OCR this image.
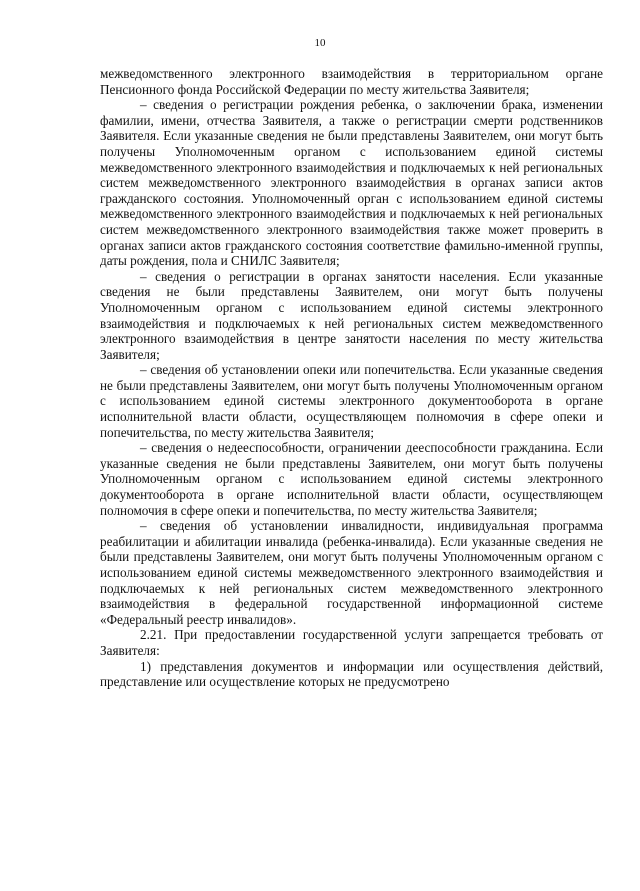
10

межведомственного электронного взаимодействия в территориальном органе Пенсионного фонда Российской Федерации по месту жительства Заявителя;

– сведения о регистрации рождения ребенка, о заключении брака, изменении фамилии, имени, отчества Заявителя, а также о регистрации смерти родственников Заявителя. Если указанные сведения не были представлены Заявителем, они могут быть получены Уполномоченным органом с использованием единой системы межведомственного электронного взаимодействия и подключаемых к ней региональных систем межведомственного электронного взаимодействия в органах записи актов гражданского состояния. Уполномоченный орган с использованием единой системы межведомственного электронного взаимодействия и подключаемых к ней региональных систем межведомственного электронного взаимодействия также может проверить в органах записи актов гражданского состояния соответствие фамильно-именной группы, даты рождения, пола и СНИЛС Заявителя;

– сведения о регистрации в органах занятости населения. Если указанные сведения не были представлены Заявителем, они могут быть получены Уполномоченным органом с использованием единой системы электронного взаимодействия и подключаемых к ней региональных систем межведомственного электронного взаимодействия в центре занятости населения по месту жительства Заявителя;

– сведения об установлении опеки или попечительства. Если указанные сведения не были представлены Заявителем, они могут быть получены Уполномоченным органом с использованием единой системы электронного документооборота в органе исполнительной власти области, осуществляющем полномочия в сфере опеки и попечительства, по месту жительства Заявителя;

– сведения о недееспособности, ограничении дееспособности гражданина. Если указанные сведения не были представлены Заявителем, они могут быть получены Уполномоченным органом с использованием единой системы электронного документооборота в органе исполнительной власти области, осуществляющем полномочия в сфере опеки и попечительства, по месту жительства Заявителя;

– сведения об установлении инвалидности, индивидуальная программа реабилитации и абилитации инвалида (ребенка-инвалида). Если указанные сведения не были представлены Заявителем, они могут быть получены Уполномоченным органом с использованием единой системы межведомственного электронного взаимодействия и подключаемых к ней региональных систем межведомственного электронного взаимодействия в федеральной государственной информационной системе «Федеральный реестр инвалидов».

2.21. При предоставлении государственной услуги запрещается требовать от Заявителя:

1) представления документов и информации или осуществления действий, представление или осуществление которых не предусмотрено
